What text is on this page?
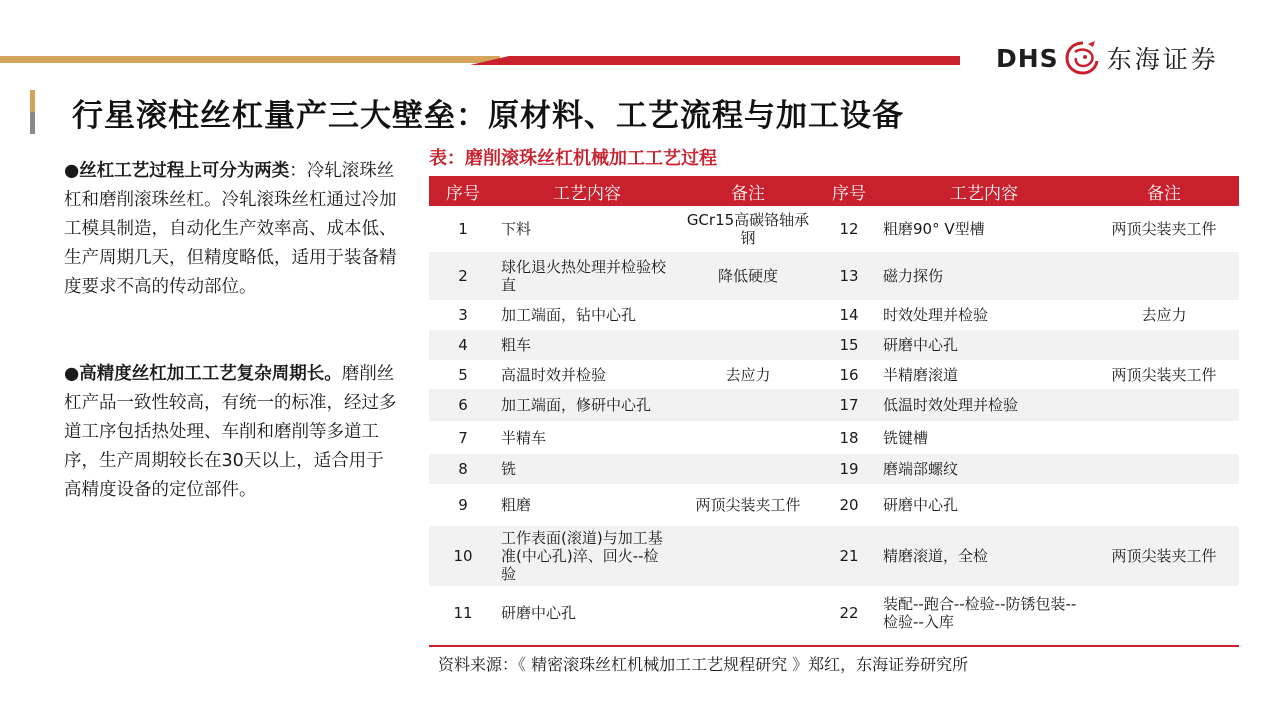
DHS 东海证券
行星滚柱丝杠量产三大壁垒：原材料、工艺流程与加工设备

●丝杠工艺过程上可分为两类：冷轧滚珠丝杠和磨削滚珠丝杠。冷轧滚珠丝杠通过冷加工模具制造，自动化生产效率高、成本低、生产周期几天，但精度略低，适用于装备精度要求不高的传动部位。

●高精度丝杠加工工艺复杂周期长。磨削丝杠产品一致性较高，有统一的标准，经过多道工序包括热处理、车削和磨削等多道工序，生产周期较长在30天以上，适合用于高精度设备的定位部件。

表：磨削滚珠丝杠机械加工工艺过程
序号	工艺内容	备注	序号	工艺内容	备注
1	下料	GCr15高碳铬轴承钢	12	粗磨90° V型槽	两顶尖装夹工件
2	球化退火热处理并检验校直	降低硬度	13	磁力探伤	
3	加工端面，钻中心孔		14	时效处理并检验	去应力
4	粗车		15	研磨中心孔	
5	高温时效并检验	去应力	16	半精磨滚道	两顶尖装夹工件
6	加工端面，修研中心孔		17	低温时效处理并检验	
7	半精车		18	铣键槽	
8	铣		19	磨端部螺纹	
9	粗磨	两顶尖装夹工件	20	研磨中心孔	
10	工作表面(滚道)与加工基准(中心孔)淬、回火--检验		21	精磨滚道，全检	两顶尖装夹工件
11	研磨中心孔		22	装配--跑合--检验--防锈包装--检验--入库	
资料来源：《 精密滚珠丝杠机械加工工艺规程研究 》郑红，东海证券研究所
